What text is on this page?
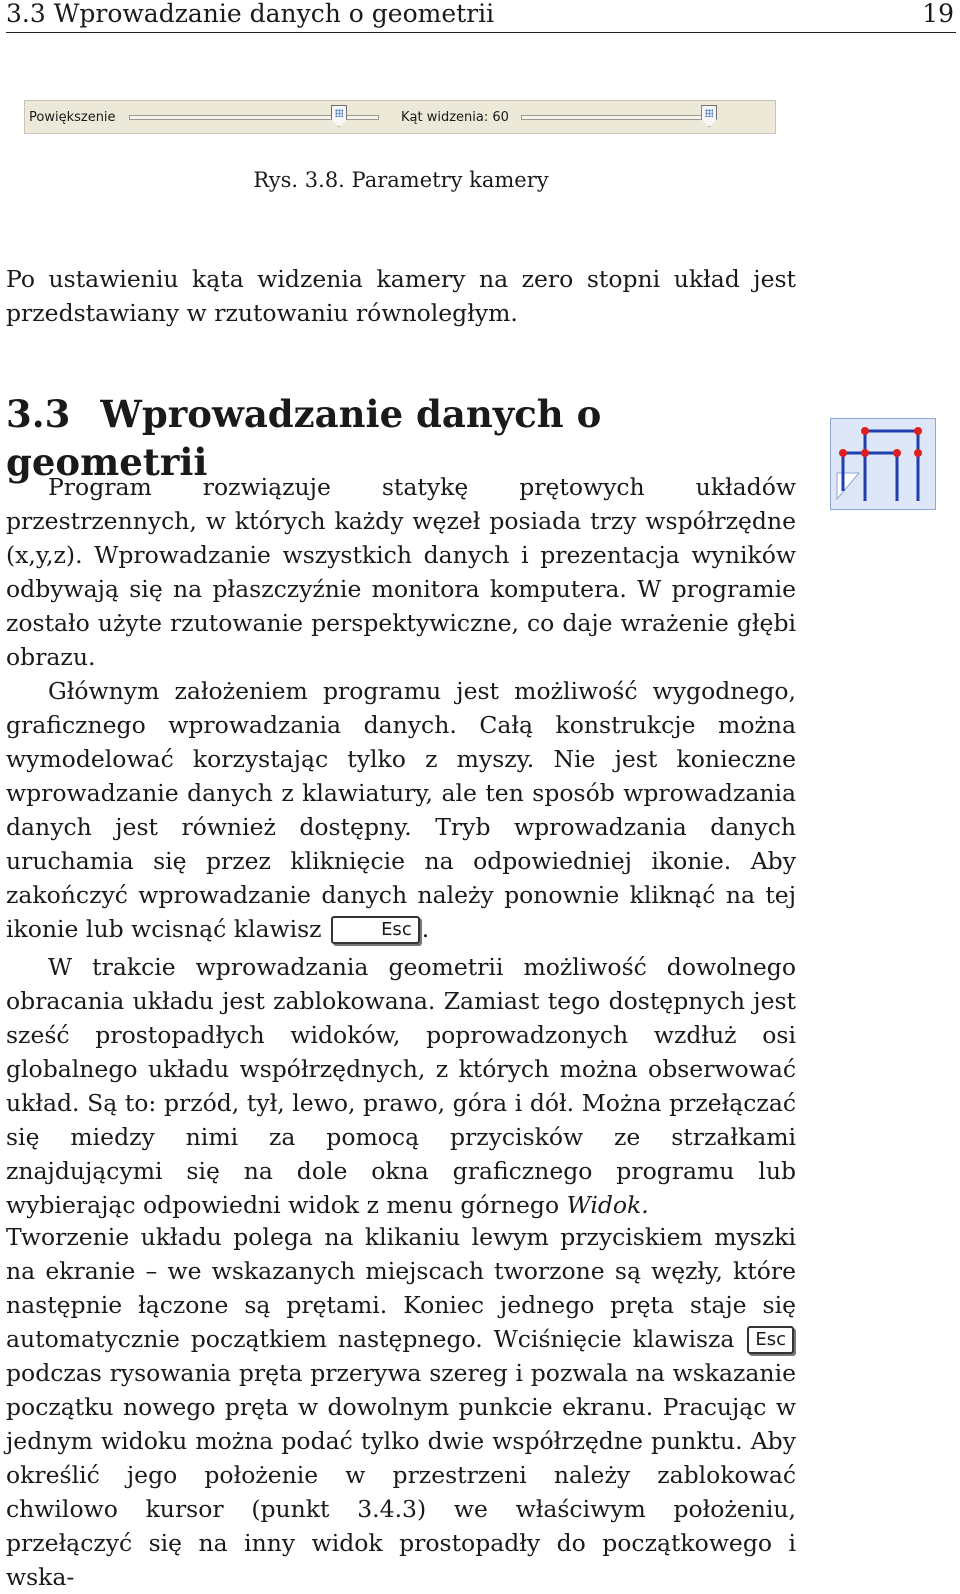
3.3 Wprowadzanie danych o geometrii	19
Powiększenie	Kąt widzenia: 60
Rys. 3.8. Parametry kamery

Po ustawieniu kąta widzenia kamery na zero stopni układ jest przedstawiany w rzutowaniu równoległym.

3.3 Wprowadzanie danych o geometrii

Program rozwiązuje statykę prętowych układów przestrzennych, w których każdy węzeł posiada trzy współrzędne (x,y,z). Wprowadzanie wszystkich danych i prezentacja wyników odbywają się na płaszczyźnie monitora komputera. W programie zostało użyte rzutowanie perspektywiczne, co daje wrażenie głębi obrazu.

Głównym założeniem programu jest możliwość wygodnego, graficznego wprowadzania danych. Całą konstrukcje można wymodelować korzystając tylko z myszy. Nie jest konieczne wprowadzanie danych z klawiatury, ale ten sposób wprowadzania danych jest również dostępny. Tryb wprowadzania danych uruchamia się przez kliknięcie na odpowiedniej ikonie. Aby zakończyć wprowadzanie danych należy ponownie kliknąć na tej ikonie lub wcisnąć klawisz	Esc .

W trakcie wprowadzania geometrii możliwość dowolnego obracania układu jest zablokowana. Zamiast tego dostępnych jest sześć prostopadłych widoków, poprowadzonych wzdłuż osi globalnego układu współrzędnych, z których można obserwować układ. Są to: przód, tył, lewo, prawo, góra i dół. Można przełączać się miedzy nimi za pomocą przycisków ze strzałkami znajdującymi się na dole okna graficznego programu lub wybierając odpowiedni widok z menu górnego Widok.

Tworzenie układu polega na klikaniu lewym przyciskiem myszki na ekranie – we wskazanych miejscach tworzone są węzły, które następnie łączone są prętami. Koniec jednego pręta staje się automatycznie początkiem następnego. Wciśnięcie klawisza Esc podczas rysowania pręta przerywa szereg i pozwala na wskazanie początku nowego pręta w dowolnym punkcie ekranu. Pracując w jednym widoku można podać tylko dwie współrzędne punktu. Aby określić jego położenie w przestrzeni należy zablokować chwilowo kursor (punkt 3.4.3) we właściwym położeniu, przełączyć się na inny widok prostopadły do początkowego i wska-
